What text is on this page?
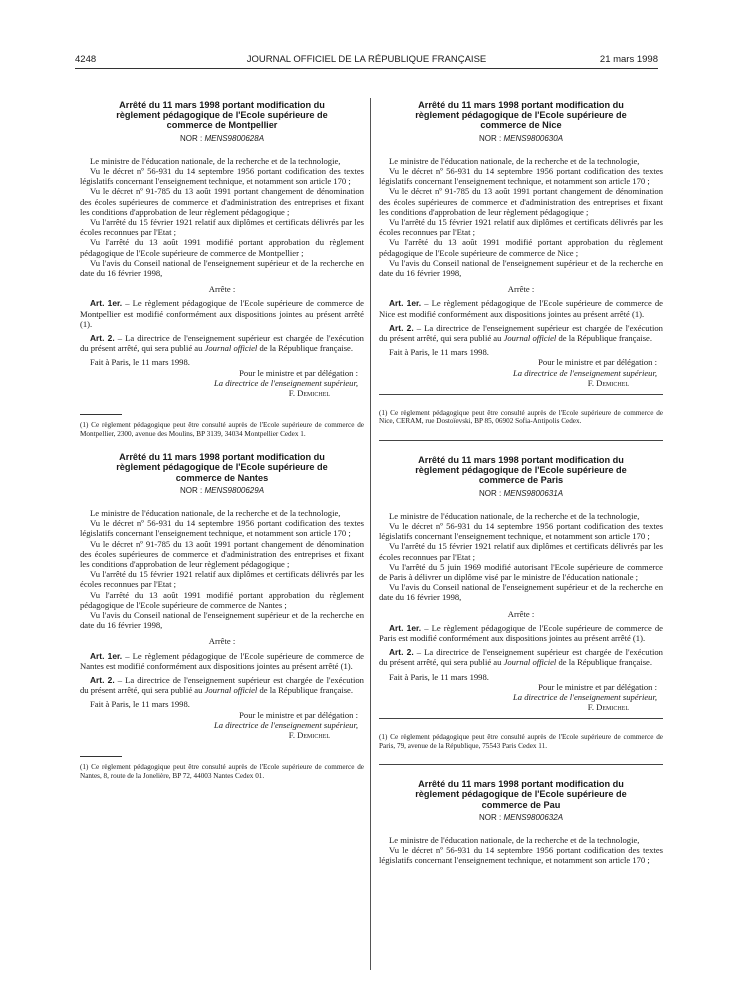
4248	JOURNAL OFFICIEL DE LA RÉPUBLIQUE FRANÇAISE	21 mars 1998

Arrêté du 11 mars 1998 portant modification du

règlement pédagogique de l'Ecole supérieure de

commerce de Montpellier

NOR : MENS9800628A

Le ministre de l'éducation nationale, de la recherche et de la technologie,

Vu le décret nº 56-931 du 14 septembre 1956 portant codification des textes législatifs concernant l'enseignement technique, et notamment son article 170 ;

Vu le décret nº 91-785 du 13 août 1991 portant changement de dénomination des écoles supérieures de commerce et d'administration des entreprises et fixant les conditions d'approbation de leur règlement pédagogique ;

Vu l'arrêté du 15 février 1921 relatif aux diplômes et certificats délivrés par les écoles reconnues par l'Etat ;

Vu l'arrêté du 13 août 1991 modifié portant approbation du règlement pédagogique de l'Ecole supérieure de commerce de Montpellier ;

Vu l'avis du Conseil national de l'enseignement supérieur et de la recherche en date du 16 février 1998,

Arrête :

Art. 1er. – Le règlement pédagogique de l'Ecole supérieure de commerce de Montpellier est modifié conformément aux dispositions jointes au présent arrêté (1).

Art. 2. – La directrice de l'enseignement supérieur est chargée de l'exécution du présent arrêté, qui sera publié au Journal officiel de la République française.

Fait à Paris, le 11 mars 1998.

Pour le ministre et par délégation :
La directrice de l'enseignement supérieur,
F. Demichel

(1) Ce règlement pédagogique peut être consulté auprès de l'Ecole supérieure de commerce de Montpellier, 2300, avenue des Moulins, BP 3139, 34034 Montpellier Cedex 1.

Arrêté du 11 mars 1998 portant modification du

règlement pédagogique de l'Ecole supérieure de

commerce de Nantes

NOR : MENS9800629A

Le ministre de l'éducation nationale, de la recherche et de la technologie,

Vu le décret nº 56-931 du 14 septembre 1956 portant codification des textes législatifs concernant l'enseignement technique, et notamment son article 170 ;

Vu le décret nº 91-785 du 13 août 1991 portant changement de dénomination des écoles supérieures de commerce et d'administration des entreprises et fixant les conditions d'approbation de leur règlement pédagogique ;

Vu l'arrêté du 15 février 1921 relatif aux diplômes et certificats délivrés par les écoles reconnues par l'Etat ;

Vu l'arrêté du 13 août 1991 modifié portant approbation du règlement pédagogique de l'Ecole supérieure de commerce de Nantes ;

Vu l'avis du Conseil national de l'enseignement supérieur et de la recherche en date du 16 février 1998,

Arrête :

Art. 1er. – Le règlement pédagogique de l'Ecole supérieure de commerce de Nantes est modifié conformément aux dispositions jointes au présent arrêté (1).

Art. 2. – La directrice de l'enseignement supérieur est chargée de l'exécution du présent arrêté, qui sera publié au Journal officiel de la République française.

Fait à Paris, le 11 mars 1998.

Pour le ministre et par délégation :
La directrice de l'enseignement supérieur,
F. Demichel

(1) Ce règlement pédagogique peut être consulté auprès de l'Ecole supérieure de commerce de Nantes, 8, route de la Jonelière, BP 72, 44003 Nantes Cedex 01.

Arrêté du 11 mars 1998 portant modification du

règlement pédagogique de l'Ecole supérieure de

commerce de Nice

NOR : MENS9800630A

Le ministre de l'éducation nationale, de la recherche et de la technologie,

Vu le décret nº 56-931 du 14 septembre 1956 portant codification des textes législatifs concernant l'enseignement technique, et notamment son article 170 ;

Vu le décret nº 91-785 du 13 août 1991 portant changement de dénomination des écoles supérieures de commerce et d'administration des entreprises et fixant les conditions d'approbation de leur règlement pédagogique ;

Vu l'arrêté du 15 février 1921 relatif aux diplômes et certificats délivrés par les écoles reconnues par l'Etat ;

Vu l'arrêté du 13 août 1991 modifié portant approbation du règlement pédagogique de l'Ecole supérieure de commerce de Nice ;

Vu l'avis du Conseil national de l'enseignement supérieur et de la recherche en date du 16 février 1998,

Arrête :

Art. 1er. – Le règlement pédagogique de l'Ecole supérieure de commerce de Nice est modifié conformément aux dispositions jointes au présent arrêté (1).

Art. 2. – La directrice de l'enseignement supérieur est chargée de l'exécution du présent arrêté, qui sera publié au Journal officiel de la République française.

Fait à Paris, le 11 mars 1998.

Pour le ministre et par délégation :
La directrice de l'enseignement supérieur,
F. Demichel

(1) Ce règlement pédagogique peut être consulté auprès de l'Ecole supérieure de commerce de Nice, CERAM, rue Dostoïevski, BP 85, 06902 Sofia-Antipolis Cedex.

Arrêté du 11 mars 1998 portant modification du

règlement pédagogique de l'Ecole supérieure de

commerce de Paris

NOR : MENS9800631A

Le ministre de l'éducation nationale, de la recherche et de la technologie,

Vu le décret nº 56-931 du 14 septembre 1956 portant codification des textes législatifs concernant l'enseignement technique, et notamment son article 170 ;

Vu l'arrêté du 15 février 1921 relatif aux diplômes et certificats délivrés par les écoles reconnues par l'Etat ;

Vu l'arrêté du 5 juin 1969 modifié autorisant l'Ecole supérieure de commerce de Paris à délivrer un diplôme visé par le ministre de l'éducation nationale ;

Vu l'avis du Conseil national de l'enseignement supérieur et de la recherche en date du 16 février 1998,

Arrête :

Art. 1er. – Le règlement pédagogique de l'Ecole supérieure de commerce de Paris est modifié conformément aux dispositions jointes au présent arrêté (1).

Art. 2. – La directrice de l'enseignement supérieur est chargée de l'exécution du présent arrêté, qui sera publié au Journal officiel de la République française.

Fait à Paris, le 11 mars 1998.

Pour le ministre et par délégation :
La directrice de l'enseignement supérieur,
F. Demichel

(1) Ce règlement pédagogique peut être consulté auprès de l'Ecole supérieure de commerce de Paris, 79, avenue de la République, 75543 Paris Cedex 11.

Arrêté du 11 mars 1998 portant modification du

règlement pédagogique de l'Ecole supérieure de

commerce de Pau

NOR : MENS9800632A

Le ministre de l'éducation nationale, de la recherche et de la technologie,

Vu le décret nº 56-931 du 14 septembre 1956 portant codification des textes législatifs concernant l'enseignement technique, et notamment son article 170 ;
